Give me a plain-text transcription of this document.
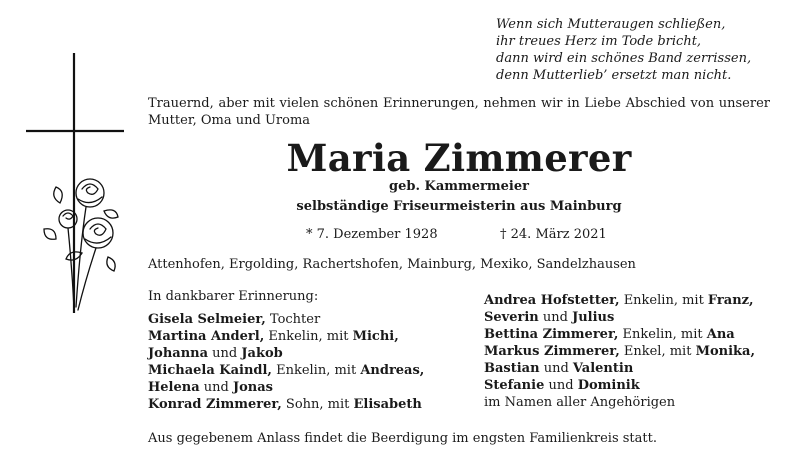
Wenn sich Mutteraugen schließen,
ihr treues Herz im Tode bricht,
dann wird ein schönes Band zerrissen,
denn Mutterlieb’ ersetzt man nicht.
Trauernd, aber mit vielen schönen Erinnerungen, nehmen wir in Liebe Abschied von unserer Mutter, Oma und Uroma
Maria Zimmerer
geb. Kammermeier
selbständige Friseurmeisterin aus Mainburg
* 7. Dezember 1928	† 24. März 2021
Attenhofen, Ergolding, Rachertshofen, Mainburg, Mexiko, Sandelzhausen
In dankbarer Erinnerung:
Gisela Selmeier, Tochter
Martina Anderl, Enkelin, mit Michi,
Johanna und Jakob
Michaela Kaindl, Enkelin, mit Andreas,
Helena und Jonas
Konrad Zimmerer, Sohn, mit Elisabeth
Andrea Hofstetter, Enkelin, mit Franz,
Severin und Julius
Bettina Zimmerer, Enkelin, mit Ana
Markus Zimmerer, Enkel, mit Monika,
Bastian und Valentin
Stefanie und Dominik
im Namen aller Angehörigen
Aus gegebenem Anlass findet die Beerdigung im engsten Familienkreis statt.
